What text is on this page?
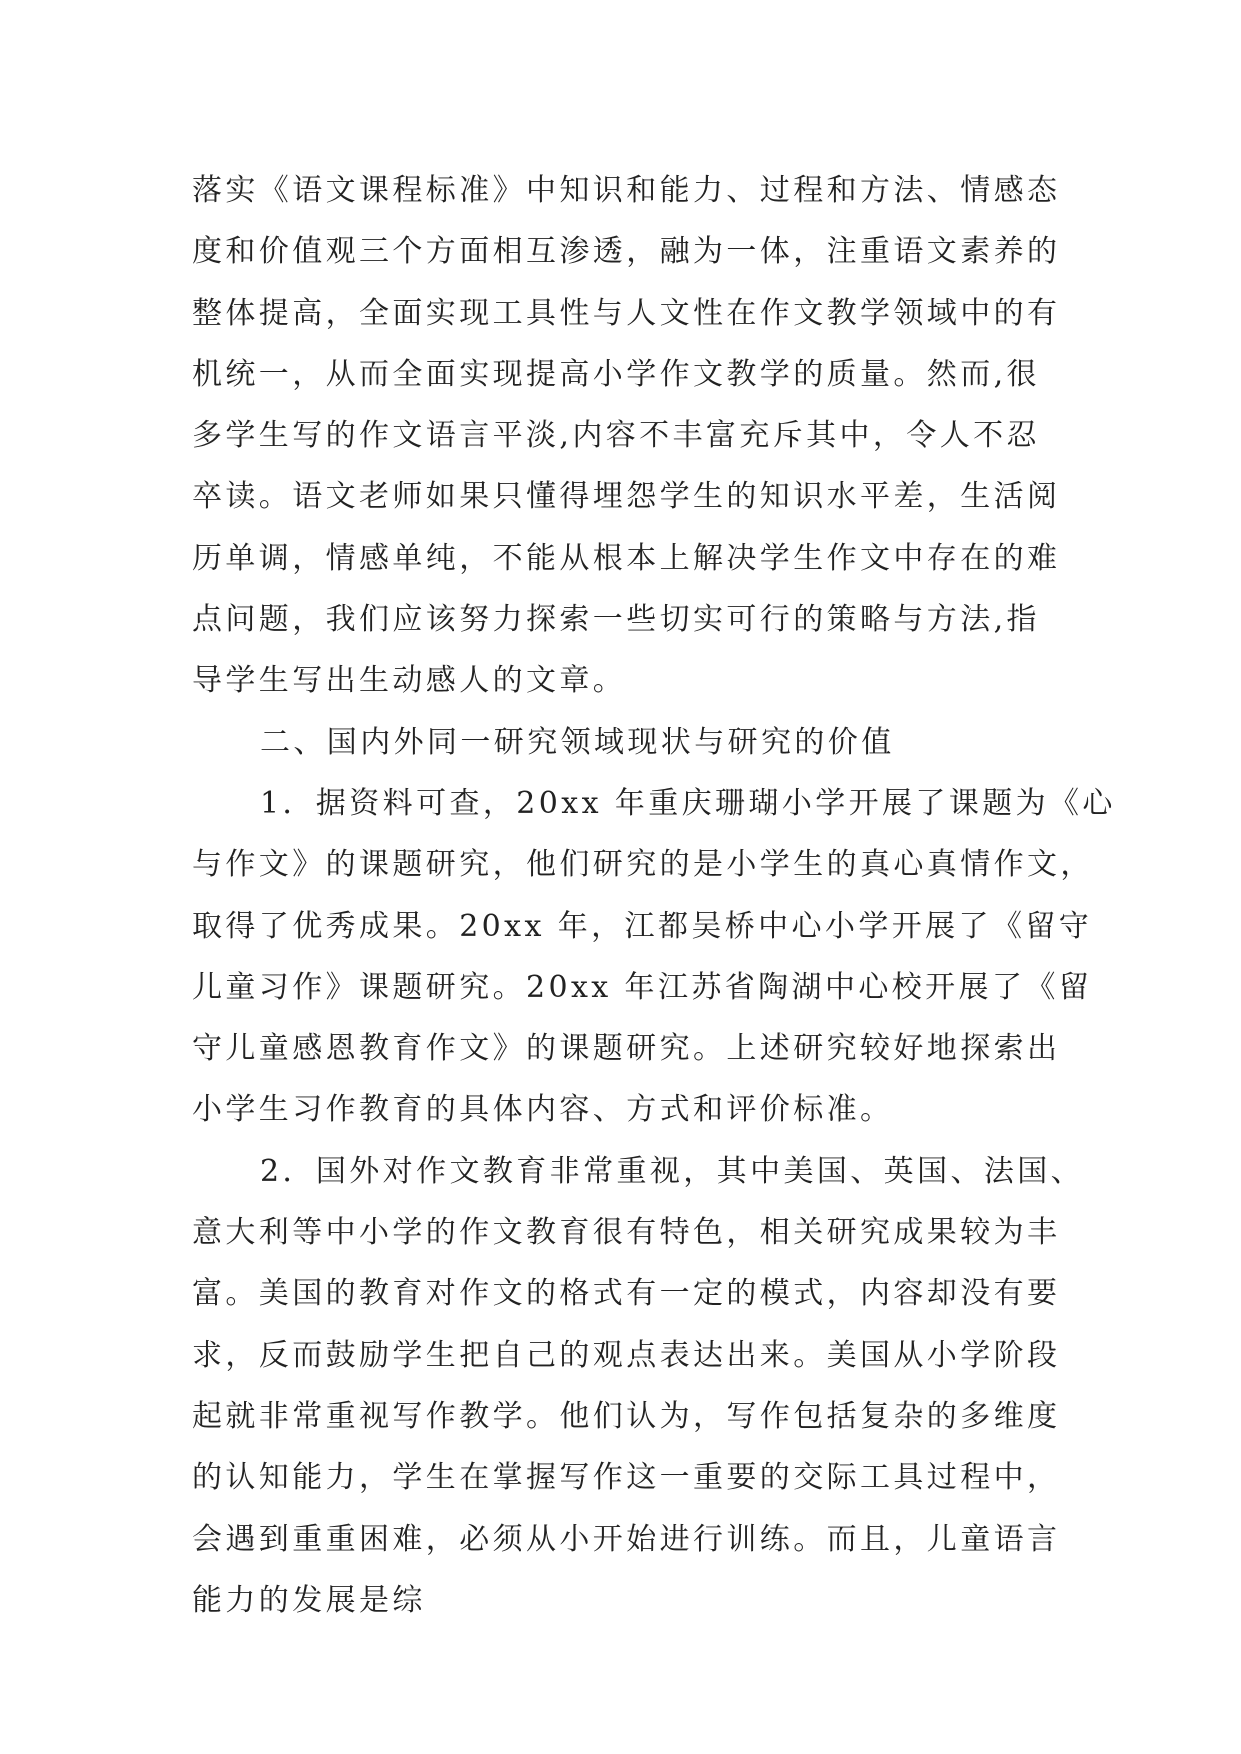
落实《语文课程标准》中知识和能力、过程和方法、情感态
度和价值观三个方面相互渗透，融为一体，注重语文素养的
整体提高，全面实现工具性与人文性在作文教学领域中的有
机统一，从而全面实现提高小学作文教学的质量。然而,很
多学生写的作文语言平淡,内容不丰富充斥其中，令人不忍
卒读。语文老师如果只懂得埋怨学生的知识水平差，生活阅
历单调，情感单纯，不能从根本上解决学生作文中存在的难
点问题，我们应该努力探索一些切实可行的策略与方法,指
导学生写出生动感人的文章。
二、国内外同一研究领域现状与研究的价值
1．据资料可查，20xx 年重庆珊瑚小学开展了课题为《心
与作文》的课题研究，他们研究的是小学生的真心真情作文，
取得了优秀成果。20xx 年，江都吴桥中心小学开展了《留守
儿童习作》课题研究。20xx 年江苏省陶湖中心校开展了《留
守儿童感恩教育作文》的课题研究。上述研究较好地探索出
小学生习作教育的具体内容、方式和评价标准。
2．国外对作文教育非常重视，其中美国、英国、法国、
意大利等中小学的作文教育很有特色，相关研究成果较为丰
富。美国的教育对作文的格式有一定的模式，内容却没有要
求，反而鼓励学生把自己的观点表达出来。美国从小学阶段
起就非常重视写作教学。他们认为，写作包括复杂的多维度
的认知能力，学生在掌握写作这一重要的交际工具过程中，
会遇到重重困难，必须从小开始进行训练。而且，儿童语言
能力的发展是综
